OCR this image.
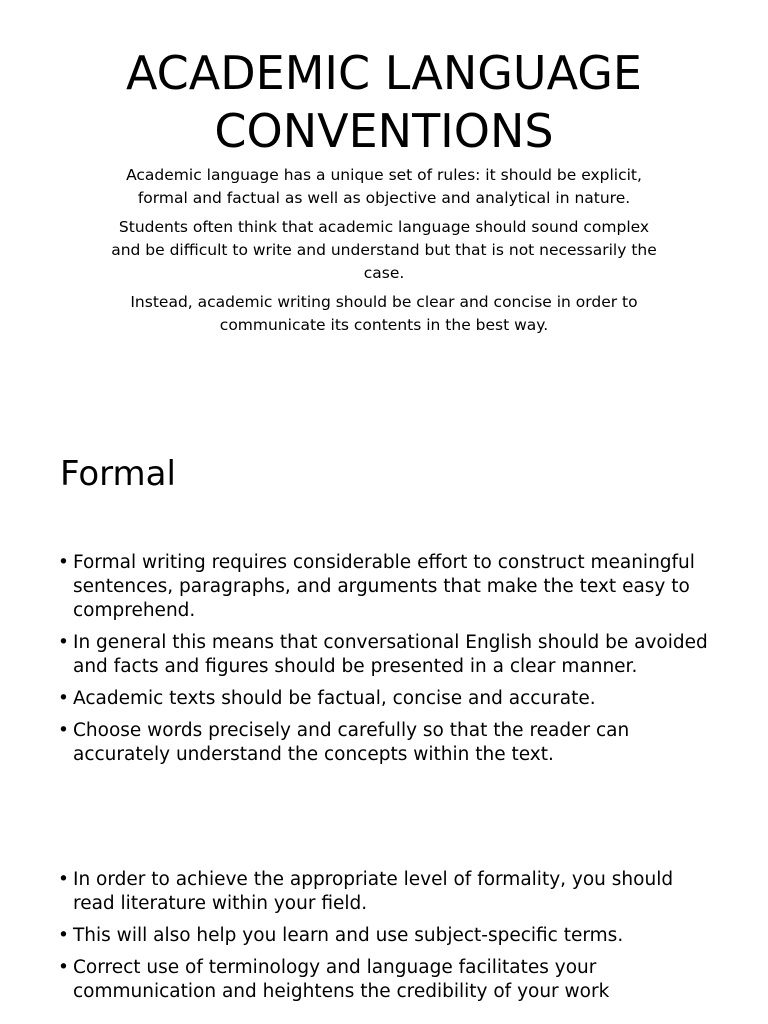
ACADEMIC LANGUAGE
CONVENTIONS

Academic language has a unique set of rules: it should be explicit, formal and factual as well as objective and analytical in nature.

Students often think that academic language should sound complex and be difficult to write and understand but that is not necessarily the case.

Instead, academic writing should be clear and concise in order to communicate its contents in the best way.

Formal
• Formal writing requires considerable effort to construct meaningful sentences, paragraphs, and arguments that make the text easy to comprehend.
• In general this means that conversational English should be avoided and facts and figures should be presented in a clear manner.
• Academic texts should be factual, concise and accurate.
• Choose words precisely and carefully so that the reader can accurately understand the concepts within the text.
• In order to achieve the appropriate level of formality, you should read literature within your field.
• This will also help you learn and use subject-specific terms.
• Correct use of terminology and language facilitates your communication and heightens the credibility of your work
